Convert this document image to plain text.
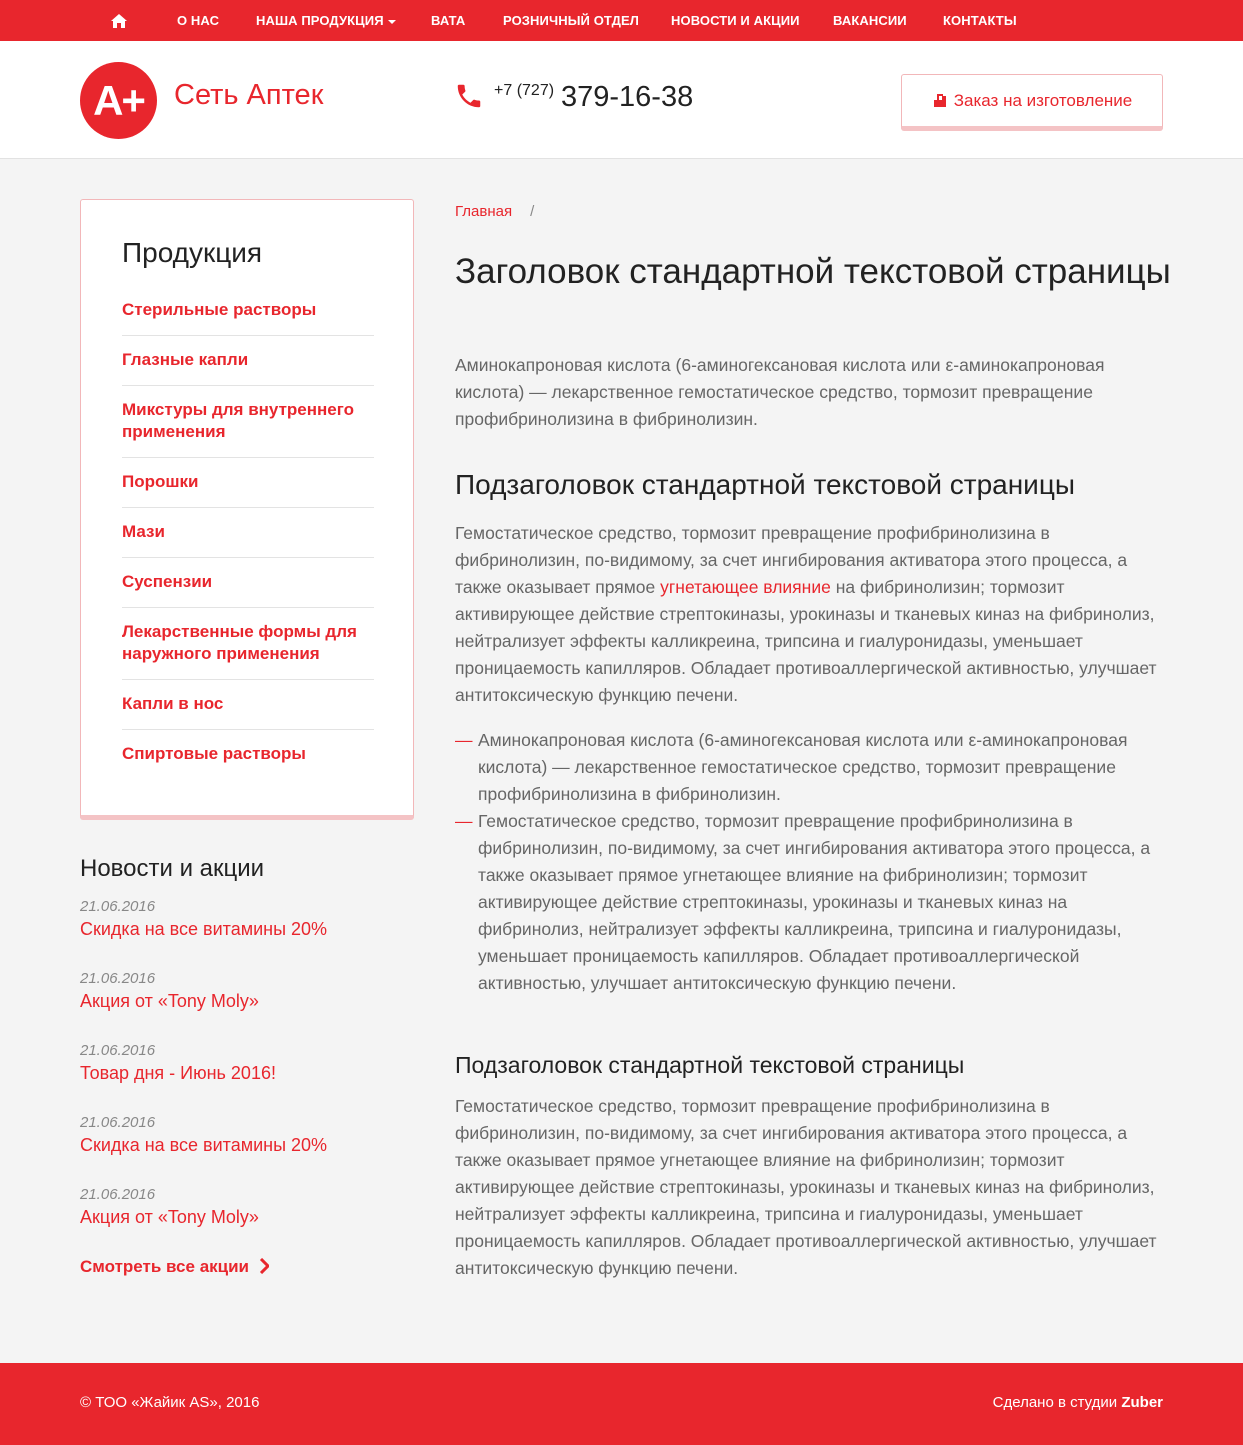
О НАС	НАША ПРОДУКЦИЯ	ВАТА	РОЗНИЧНЫЙ ОТДЕЛ НОВОСТИ И АКЦИИ	ВАКАНСИИ	КОНТАКТЫ
А+	Сеть Аптек	+7 (727) 379-16-38	Заказ на изготовление
Продукция
Стерильные растворы
Глазные капли
Микстуры для внутреннего применения
Порошки
Мази
Суспензии
Лекарственные формы для наружного применения
Капли в нос
Спиртовые растворы
Новости и акции
21.06.2016
Скидка на все витамины 20%
21.06.2016
Акция от «Tony Moly»
21.06.2016
Товар дня - Июнь 2016!
21.06.2016
Скидка на все витамины 20%
21.06.2016
Акция от «Tony Moly»
Смотреть все акции
Главная /
Заголовок стандартной текстовой страницы

Аминокапроновая кислота (6-аминогексановая кислота или ε-аминокапроновая кислота) — лекарственное гемостатическое средство, тормозит превращение профибринолизина в фибринолизин.

Подзаголовок стандартной текстовой страницы

Гемостатическое средство, тормозит превращение профибринолизина в фибринолизин, по-видимому, за счет ингибирования активатора этого процесса, а также оказывает прямое угнетающее влияние на фибринолизин; тормозит активирующее действие стрептокиназы, урокиназы и тканевых киназ на фибринолиз, нейтрализует эффекты калликреина, трипсина и гиалуронидазы, уменьшает проницаемость капилляров. Обладает противоаллергической активностью, улучшает антитоксическую функцию печени.

— Аминокапроновая кислота (6-аминогексановая кислота или ε-аминокапроновая кислота) — лекарственное гемостатическое средство, тормозит превращение профибринолизина в фибринолизин.
— Гемостатическое средство, тормозит превращение профибринолизина в фибринолизин, по-видимому, за счет ингибирования активатора этого процесса, а также оказывает прямое угнетающее влияние на фибринолизин; тормозит активирующее действие стрептокиназы, урокиназы и тканевых киназ на фибринолиз, нейтрализует эффекты калликреина, трипсина и гиалуронидазы, уменьшает проницаемость капилляров. Обладает противоаллергической активностью, улучшает антитоксическую функцию печени.
Подзаголовок стандартной текстовой страницы

Гемостатическое средство, тормозит превращение профибринолизина в фибринолизин, по-видимому, за счет ингибирования активатора этого процесса, а также оказывает прямое угнетающее влияние на фибринолизин; тормозит активирующее действие стрептокиназы, урокиназы и тканевых киназ на фибринолиз, нейтрализует эффекты калликреина, трипсина и гиалуронидазы, уменьшает проницаемость капилляров. Обладает противоаллергической активностью, улучшает антитоксическую функцию печени.

© ТОО «Жайик AS», 2016	Сделано в студии Zuber
